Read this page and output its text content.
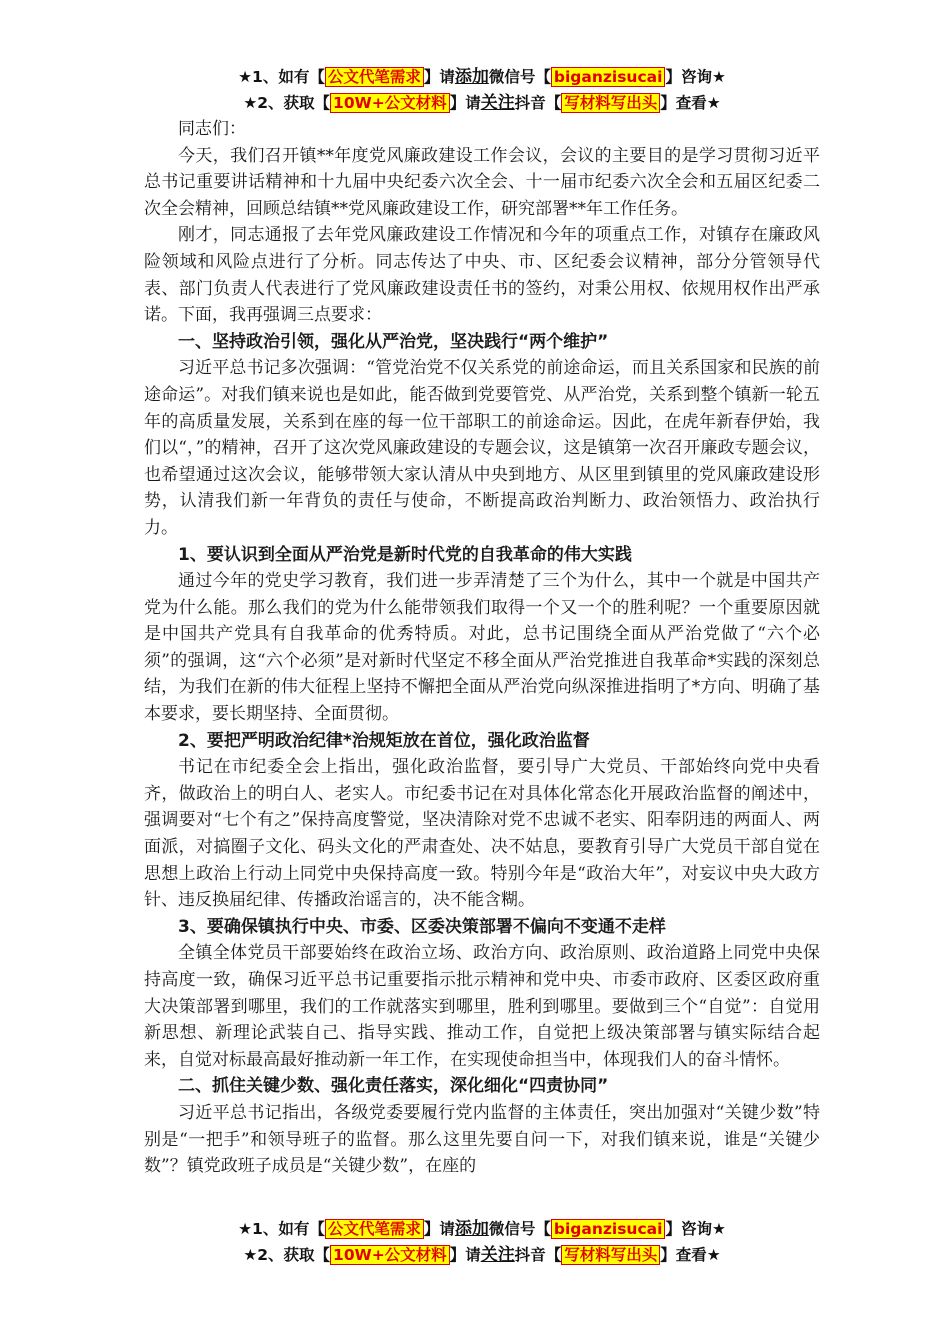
★1、如有【 公文代笔需求 】请添加微信号【 biganzisucai 】咨询★
★2、获取【 10W+公文材料 】请关注抖音【 写材料写出头 】查看★

同志们：

今天，我们召开镇**年度党风廉政建设工作会议，会议的主要目的是学习贯彻习近平总书记重要讲话精神和十九届中央纪委六次全会、十一届市纪委六次全会和五届区纪委二次全会精神，回顾总结镇**党风廉政建设工作，研究部署**年工作任务。

刚才，同志通报了去年党风廉政建设工作情况和今年的项重点工作，对镇存在廉政风险领域和风险点进行了分析。同志传达了中央、市、区纪委会议精神，部分分管领导代表、部门负责人代表进行了党风廉政建设责任书的签约，对秉公用权、依规用权作出严承诺。下面，我再强调三点要求：

一、坚持政治引领，强化从严治党，坚决践行“两个维护”

习近平总书记多次强调：“管党治党不仅关系党的前途命运，而且关系国家和民族的前途命运”。对我们镇来说也是如此，能否做到党要管党、从严治党，关系到整个镇新一轮五年的高质量发展，关系到在座的每一位干部职工的前途命运。因此，在虎年新春伊始，我们以“，”的精神，召开了这次党风廉政建设的专题会议，这是镇第一次召开廉政专题会议，也希望通过这次会议，能够带领大家认清从中央到地方、从区里到镇里的党风廉政建设形势，认清我们新一年背负的责任与使命，不断提高政治判断力、政治领悟力、政治执行力。

1、要认识到全面从严治党是新时代党的自我革命的伟大实践

通过今年的党史学习教育，我们进一步弄清楚了三个为什么，其中一个就是中国共产党为什么能。那么我们的党为什么能带领我们取得一个又一个的胜利呢？一个重要原因就是中国共产党具有自我革命的优秀特质。对此，总书记围绕全面从严治党做了“六个必须”的强调，这“六个必须”是对新时代坚定不移全面从严治党推进自我革命*实践的深刻总结，为我们在新的伟大征程上坚持不懈把全面从严治党向纵深推进指明了*方向、明确了基本要求，要长期坚持、全面贯彻。

2、要把严明政治纪律*治规矩放在首位，强化政治监督

书记在市纪委全会上指出，强化政治监督，要引导广大党员、干部始终向党中央看齐，做政治上的明白人、老实人。市纪委书记在对具体化常态化开展政治监督的阐述中，强调要对“七个有之”保持高度警觉，坚决清除对党不忠诚不老实、阳奉阴违的两面人、两面派，对搞圈子文化、码头文化的严肃查处、决不姑息，要教育引导广大党员干部自觉在思想上政治上行动上同党中央保持高度一致。特别今年是“政治大年”，对妄议中央大政方针、违反换届纪律、传播政治谣言的，决不能含糊。

3、要确保镇执行中央、市委、区委决策部署不偏向不变通不走样

全镇全体党员干部要始终在政治立场、政治方向、政治原则、政治道路上同党中央保持高度一致，确保习近平总书记重要指示批示精神和党中央、市委市政府、区委区政府重大决策部署到哪里，我们的工作就落实到哪里，胜利到哪里。要做到三个“自觉”：自觉用新思想、新理论武装自己、指导实践、推动工作，自觉把上级决策部署与镇实际结合起来，自觉对标最高最好推动新一年工作，在实现使命担当中，体现我们人的奋斗情怀。

二、抓住关键少数、强化责任落实，深化细化“四责协同”

习近平总书记指出，各级党委要履行党内监督的主体责任，突出加强对“关键少数”特别是“一把手”和领导班子的监督。那么这里先要自问一下，对我们镇来说，谁是“关键少数”？镇党政班子成员是“关键少数”，在座的

★1、如有【 公文代笔需求 】请添加微信号【 biganzisucai 】咨询★
★2、获取【 10W+公文材料 】请关注抖音【 写材料写出头 】查看★
